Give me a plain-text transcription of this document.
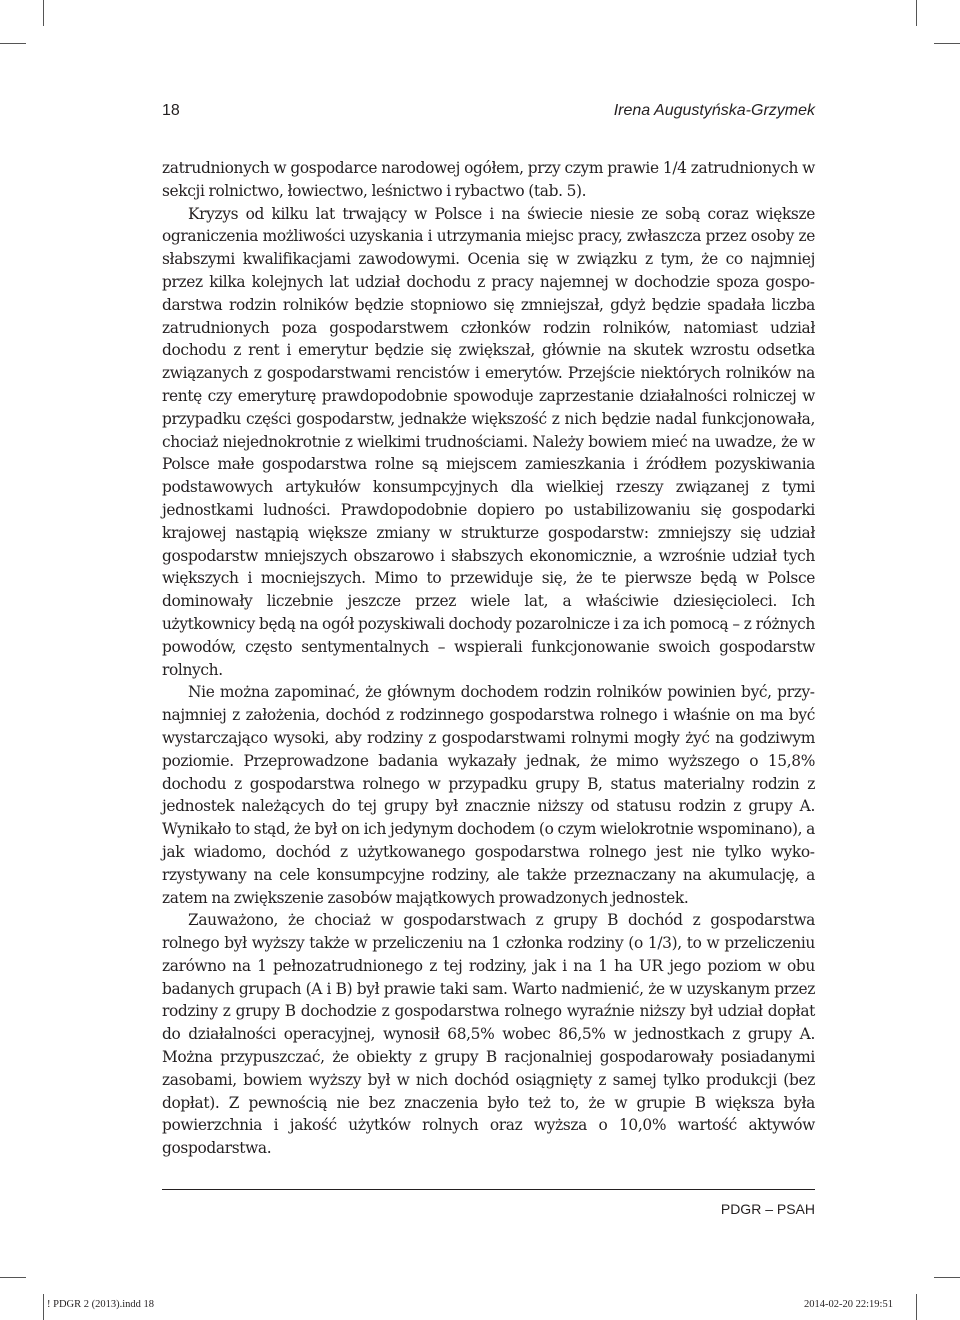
18	Irena Augustyńska-Grzymek

zatrudnionych w gospodarce narodowej ogółem, przy czym prawie 1/4 zatrudnionych w sekcji rolnictwo, łowiectwo, leśnictwo i rybactwo (tab. 5).

Kryzys od kilku lat trwający w Polsce i na świecie niesie ze sobą coraz większe ograniczenia możliwości uzyskania i utrzymania miejsc pracy, zwłaszcza przez osoby ze słabszymi kwalifikacjami zawodowymi. Ocenia się w związku z tym, że co najmniej przez kilka kolejnych lat udział dochodu z pracy najemnej w dochodzie spoza gospodarstwa rodzin rolników będzie stopniowo się zmniejszał, gdyż będzie spadała liczba zatrudnionych poza gospodarstwem członków rodzin rolników, natomiast udział dochodu z rent i emerytur będzie się zwiększał, głównie na skutek wzrostu odsetka związanych z gospodarstwami rencistów i emerytów. Przejście niektórych rolników na rentę czy emeryturę prawdopodobnie spowoduje zaprzestanie działalności rolniczej w przypadku części gospodarstw, jednakże większość z nich będzie nadal funkcjonowała, chociaż niejednokrotnie z wielkimi trudnościami. Należy bowiem mieć na uwadze, że w Polsce małe gospodarstwa rolne są miejscem zamieszkania i źródłem pozyskiwania podstawowych artykułów konsumpcyjnych dla wielkiej rzeszy związanej z tymi jednostkami ludności. Prawdopodobnie dopiero po ustabilizowaniu się gospodarki krajowej nastąpią większe zmiany w strukturze gospodarstw: zmniejszy się udział gospodarstw mniejszych obszarowo i słabszych ekonomicznie, a wzrośnie udział tych większych i mocniejszych. Mimo to przewiduje się, że te pierwsze będą w Polsce dominowały liczebnie jeszcze przez wiele lat, a właściwie dziesięcioleci. Ich użytkownicy będą na ogół pozyskiwali dochody pozarolnicze i za ich pomocą – z różnych powodów, często sentymentalnych – wspierali funkcjonowanie swoich gospodarstw rolnych.

Nie można zapominać, że głównym dochodem rodzin rolników powinien być, przynajmniej z założenia, dochód z rodzinnego gospodarstwa rolnego i właśnie on ma być wystarczająco wysoki, aby rodziny z gospodarstwami rolnymi mogły żyć na godziwym poziomie. Przeprowadzone badania wykazały jednak, że mimo wyższego o 15,8% dochodu z gospodarstwa rolnego w przypadku grupy B, status materialny rodzin z jednostek należących do tej grupy był znacznie niższy od statusu rodzin z grupy A. Wynikało to stąd, że był on ich jedynym dochodem (o czym wielokrotnie wspominano), a jak wiadomo, dochód z użytkowanego gospodarstwa rolnego jest nie tylko wykorzystywany na cele konsumpcyjne rodziny, ale także przeznaczany na akumulację, a zatem na zwiększenie zasobów majątkowych prowadzonych jednostek.

Zauważono, że chociaż w gospodarstwach z grupy B dochód z gospodarstwa rolnego był wyższy także w przeliczeniu na 1 członka rodziny (o 1/3), to w przeliczeniu zarówno na 1 pełnozatrudnionego z tej rodziny, jak i na 1 ha UR jego poziom w obu badanych grupach (A i B) był prawie taki sam. Warto nadmienić, że w uzyskanym przez rodziny z grupy B dochodzie z gospodarstwa rolnego wyraźnie niższy był udział dopłat do działalności operacyjnej, wynosił 68,5% wobec 86,5% w jednostkach z grupy A. Można przypuszczać, że obiekty z grupy B racjonalniej gospodarowały posiadanymi zasobami, bowiem wyższy był w nich dochód osiągnięty z samej tylko produkcji (bez dopłat). Z pewnością nie bez znaczenia było też to, że w grupie B większa była powierzchnia i jakość użytków rolnych oraz wyższa o 10,0% wartość aktywów gospodarstwa.

PDGR – PSAH
! PDGR 2 (2013).indd 18	2014-02-20 22:19:51
